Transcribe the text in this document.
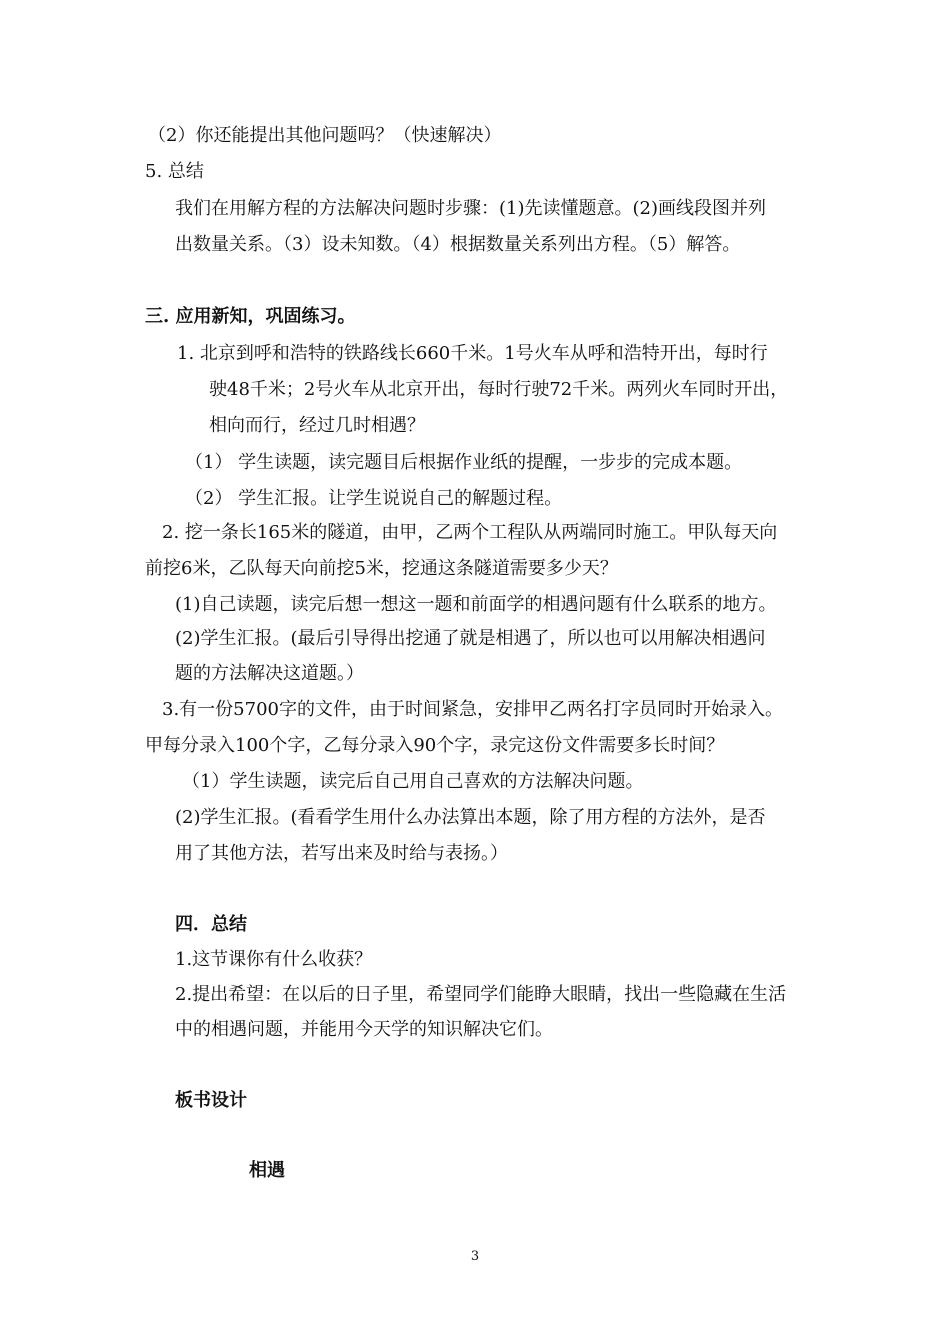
（2）你还能提出其他问题吗？（快速解决）
5. 总结
我们在用解方程的方法解决问题时步骤：(1)先读懂题意。(2)画线段图并列
出数量关系。（3）设未知数。（4）根据数量关系列出方程。（5）解答。
三. 应用新知，巩固练习。
1. 北京到呼和浩特的铁路线长660千米。1号火车从呼和浩特开出，每时行
驶48千米；2号火车从北京开出，每时行驶72千米。两列火车同时开出，
相向而行，经过几时相遇？
（1） 学生读题，读完题目后根据作业纸的提醒，一步步的完成本题。
（2） 学生汇报。让学生说说自己的解题过程。
2. 挖一条长165米的隧道，由甲，乙两个工程队从两端同时施工。甲队每天向
前挖6米，乙队每天向前挖5米，挖通这条隧道需要多少天？
(1)自己读题，读完后想一想这一题和前面学的相遇问题有什么联系的地方。
(2)学生汇报。(最后引导得出挖通了就是相遇了，所以也可以用解决相遇问
题的方法解决这道题。）
3.有一份5700字的文件，由于时间紧急，安排甲乙两名打字员同时开始录入。
甲每分录入100个字，乙每分录入90个字，录完这份文件需要多长时间？
（1）学生读题，读完后自己用自己喜欢的方法解决问题。
(2)学生汇报。(看看学生用什么办法算出本题，除了用方程的方法外，是否
用了其他方法，若写出来及时给与表扬。）
四．总结
1.这节课你有什么收获？
2.提出希望：在以后的日子里，希望同学们能睁大眼睛，找出一些隐藏在生活
中的相遇问题，并能用今天学的知识解决它们。
板书设计
相遇
3
